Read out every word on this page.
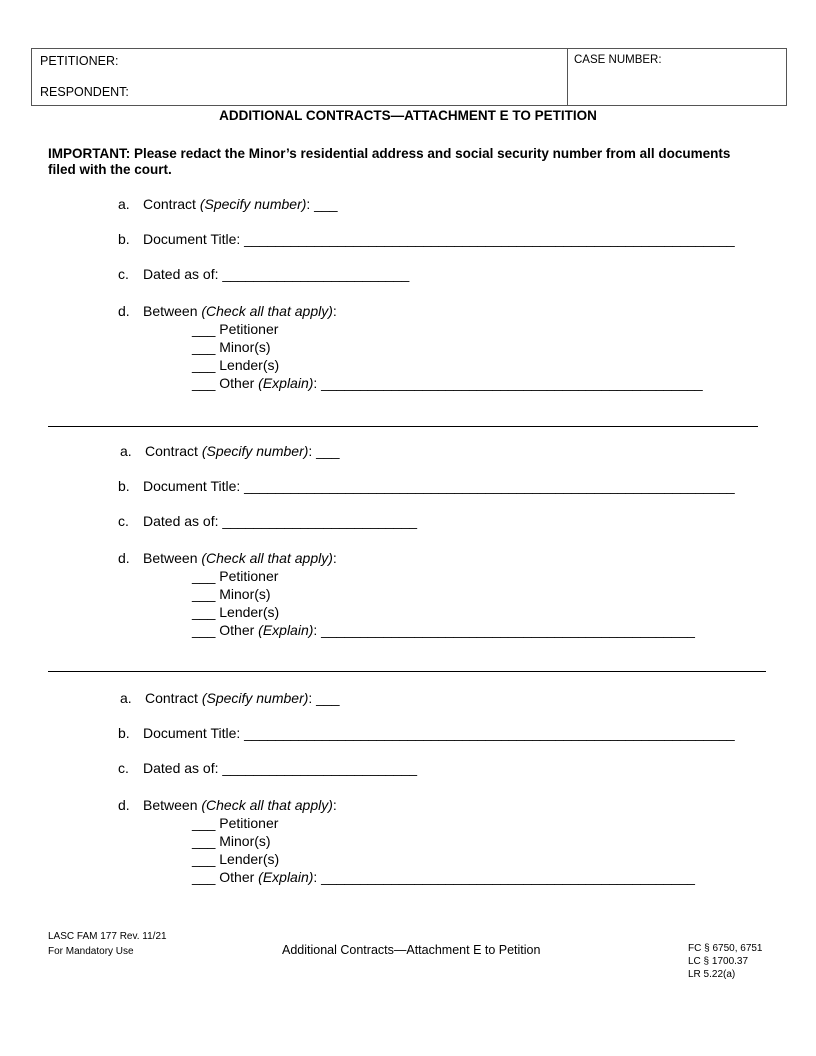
PETITIONER:
RESPONDENT:
CASE NUMBER:
ADDITIONAL CONTRACTS—ATTACHMENT E TO PETITION
IMPORTANT: Please redact the Minor’s residential address and social security number from all documents filed with the court.
a. Contract (Specify number): ___
b. Document Title: _______________________________________________________________
c. Dated as of: ________________________
d. Between (Check all that apply):
___ Petitioner
___ Minor(s)
___ Lender(s)
___ Other (Explain): _________________________________________________
a. Contract (Specify number): ___
b. Document Title: _______________________________________________________________
c. Dated as of: _________________________
d. Between (Check all that apply):
___ Petitioner
___ Minor(s)
___ Lender(s)
___ Other (Explain): ________________________________________________
a. Contract (Specify number): ___
b. Document Title: _______________________________________________________________
c. Dated as of: _________________________
d. Between (Check all that apply):
___ Petitioner
___ Minor(s)
___ Lender(s)
___ Other (Explain): ________________________________________________
LASC FAM 177 Rev. 11/21
For Mandatory Use	Additional Contracts—Attachment E to Petition	FC § 6750, 6751
LC § 1700.37
LR 5.22(a)
